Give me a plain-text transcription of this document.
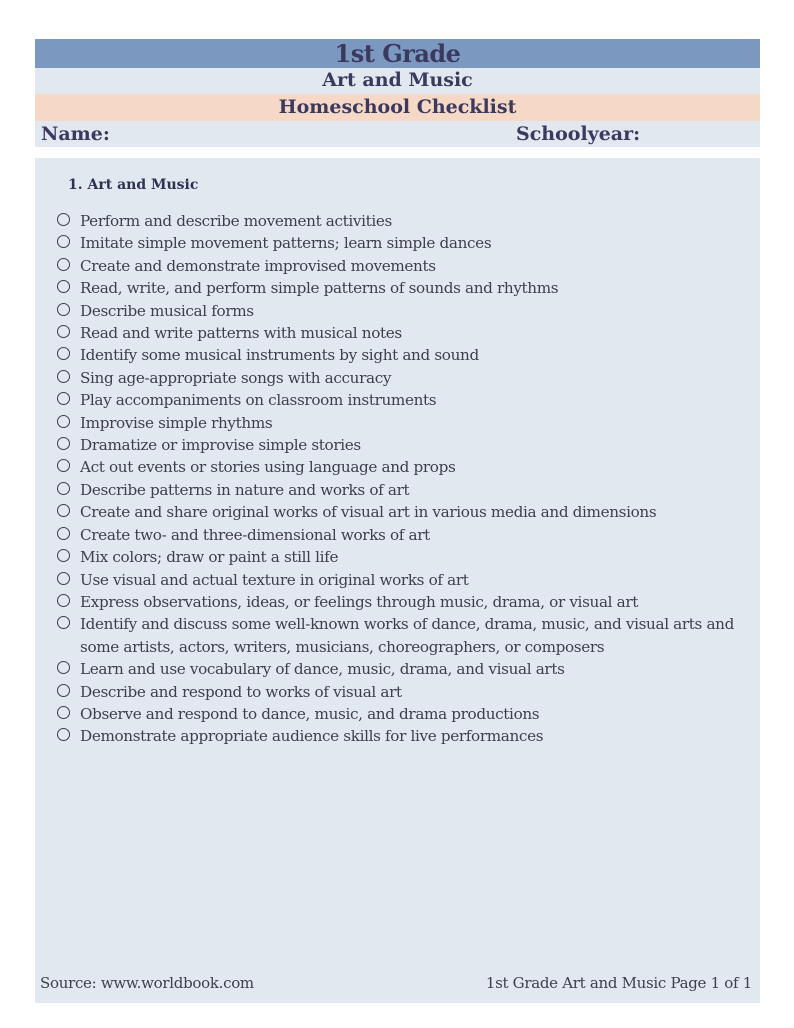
1st Grade
Art and Music
Homeschool Checklist
Name:	Schoolyear:
1. Art and Music
Perform and describe movement activities
Imitate simple movement patterns; learn simple dances
Create and demonstrate improvised movements
Read, write, and perform simple patterns of sounds and rhythms
Describe musical forms
Read and write patterns with musical notes
Identify some musical instruments by sight and sound
Sing age-appropriate songs with accuracy
Play accompaniments on classroom instruments
Improvise simple rhythms
Dramatize or improvise simple stories
Act out events or stories using language and props
Describe patterns in nature and works of art
Create and share original works of visual art in various media and dimensions
Create two- and three-dimensional works of art
Mix colors; draw or paint a still life
Use visual and actual texture in original works of art
Express observations, ideas, or feelings through music, drama, or visual art
Identify and discuss some well-known works of dance, drama, music, and visual arts and some artists, actors, writers, musicians, choreographers, or composers
Learn and use vocabulary of dance, music, drama, and visual arts
Describe and respond to works of visual art
Observe and respond to dance, music, and drama productions
Demonstrate appropriate audience skills for live performances
Source: www.worldbook.com	1st Grade Art and Music Page 1 of 1
